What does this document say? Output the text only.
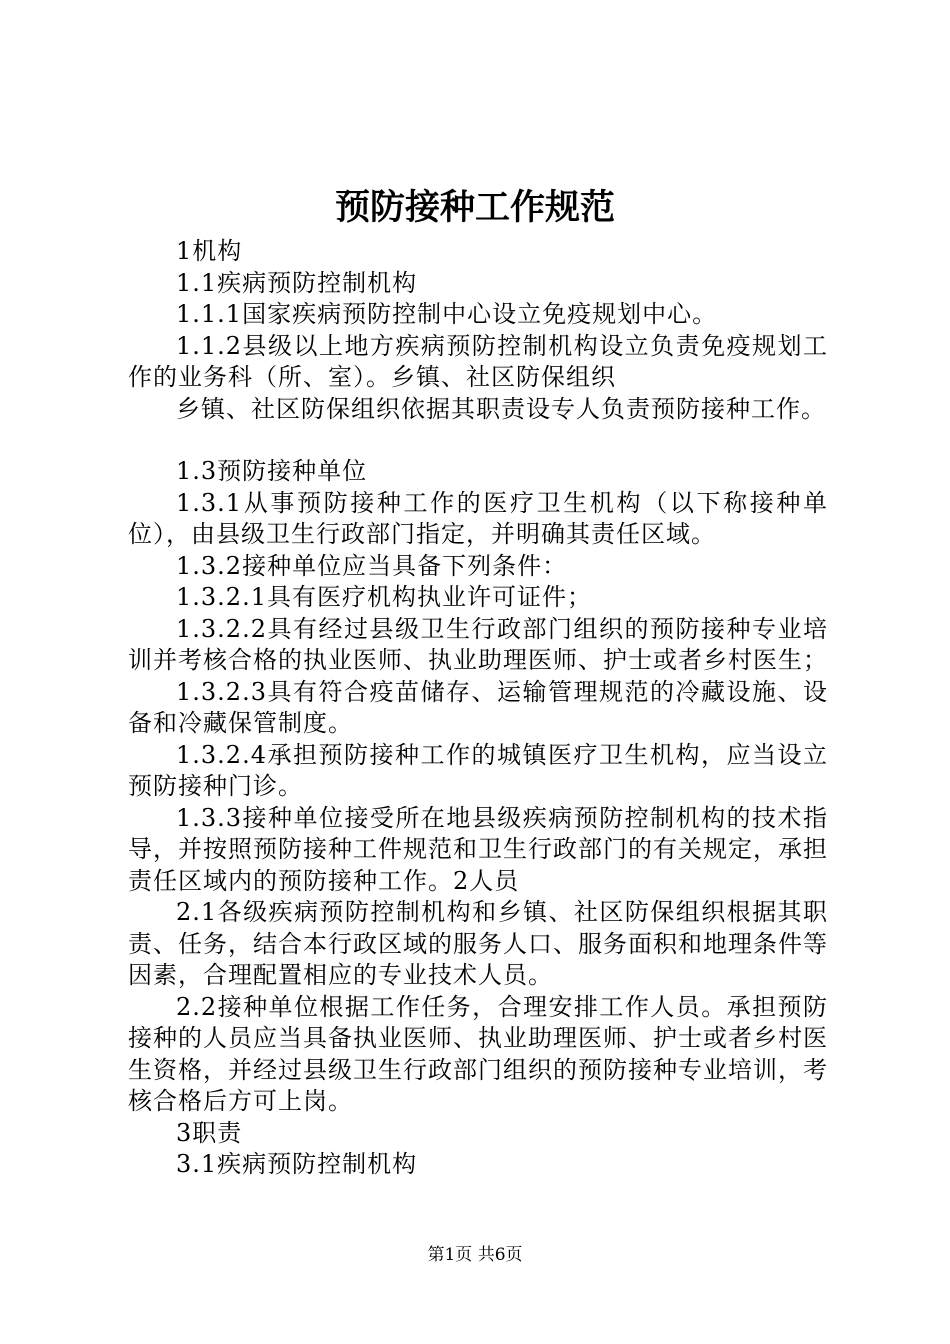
预防接种工作规范

1机构

1.1疾病预防控制机构

1.1.1国家疾病预防控制中心设立免疫规划中心。

1.1.2县级以上地方疾病预防控制机构设立负责免疫规划工作的业务科（所、室）。乡镇、社区防保组织

乡镇、社区防保组织依据其职责设专人负责预防接种工作。

1.3预防接种单位

1.3.1从事预防接种工作的医疗卫生机构（以下称接种单位），由县级卫生行政部门指定，并明确其责任区域。

1.3.2接种单位应当具备下列条件：

1.3.2.1具有医疗机构执业许可证件；

1.3.2.2具有经过县级卫生行政部门组织的预防接种专业培训并考核合格的执业医师、执业助理医师、护士或者乡村医生；

1.3.2.3具有符合疫苗储存、运输管理规范的冷藏设施、设备和冷藏保管制度。

1.3.2.4承担预防接种工作的城镇医疗卫生机构，应当设立预防接种门诊。

1.3.3接种单位接受所在地县级疾病预防控制机构的技术指导，并按照预防接种工件规范和卫生行政部门的有关规定，承担责任区域内的预防接种工作。2人员

2.1各级疾病预防控制机构和乡镇、社区防保组织根据其职责、任务，结合本行政区域的服务人口、服务面积和地理条件等因素，合理配置相应的专业技术人员。

2.2接种单位根据工作任务，合理安排工作人员。承担预防接种的人员应当具备执业医师、执业助理医师、护士或者乡村医生资格，并经过县级卫生行政部门组织的预防接种专业培训，考核合格后方可上岗。

3职责

3.1疾病预防控制机构

第1页 共6页
